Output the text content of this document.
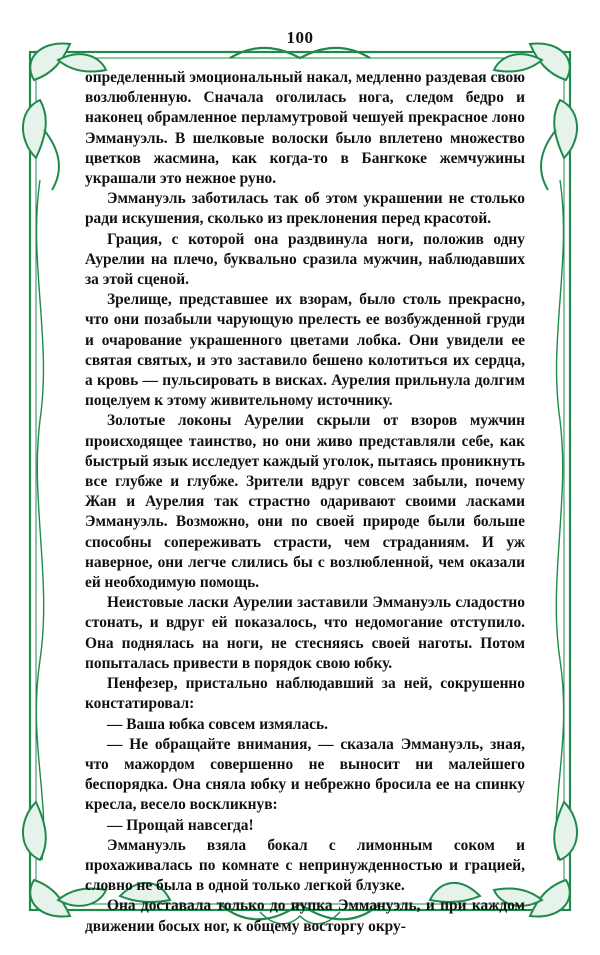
100

определенный эмоциональный накал, медленно раздевая свою возлюбленную. Сначала оголилась нога, следом бедро и наконец обрамленное перламутровой чешуей прекрасное лоно Эммануэль. В шелковые волоски было вплетено множество цветков жасмина, как когда-то в Бангкоке жемчужины украшали это нежное руно.

Эммануэль заботилась так об этом украшении не столько ради искушения, сколько из преклонения перед красотой.

Грация, с которой она раздвинула ноги, положив одну Аурелии на плечо, буквально сразила мужчин, наблюдавших за этой сценой.

Зрелище, представшее их взорам, было столь прекрасно, что они позабыли чарующую прелесть ее возбужденной груди и очарование украшенного цветами лобка. Они увидели ее святая святых, и это заставило бешено колотиться их сердца, а кровь — пульсировать в висках. Аурелия прильнула долгим поцелуем к этому живительному источнику.

Золотые локоны Аурелии скрыли от взоров мужчин происходящее таинство, но они живо представляли себе, как быстрый язык исследует каждый уголок, пытаясь проникнуть все глубже и глубже. Зрители вдруг совсем забыли, почему Жан и Аурелия так страстно одаривают своими ласками Эммануэль. Возможно, они по своей природе были больше способны сопереживать страсти, чем страданиям. И уж наверное, они легче слились бы с возлюбленной, чем оказали ей необходимую помощь.

Неистовые ласки Аурелии заставили Эммануэль сладостно стонать, и вдруг ей показалось, что недомогание отступило. Она поднялась на ноги, не стесняясь своей наготы. Потом попыталась привести в порядок свою юбку.

Пенфезер, пристально наблюдавший за ней, сокрушенно констатировал:

— Ваша юбка совсем измялась.

— Не обращайте внимания, — сказала Эммануэль, зная, что мажордом совершенно не выносит ни малейшего беспорядка. Она сняла юбку и небрежно бросила ее на спинку кресла, весело воскликнув:

— Прощай навсегда!

Эммануэль взяла бокал с лимонным соком и прохаживалась по комнате с непринужденностью и грацией, словно не была в одной только легкой блузке.

Она доставала только до пупка Эммануэль, и при каждом движении босых ног, к общему восторгу окру-
